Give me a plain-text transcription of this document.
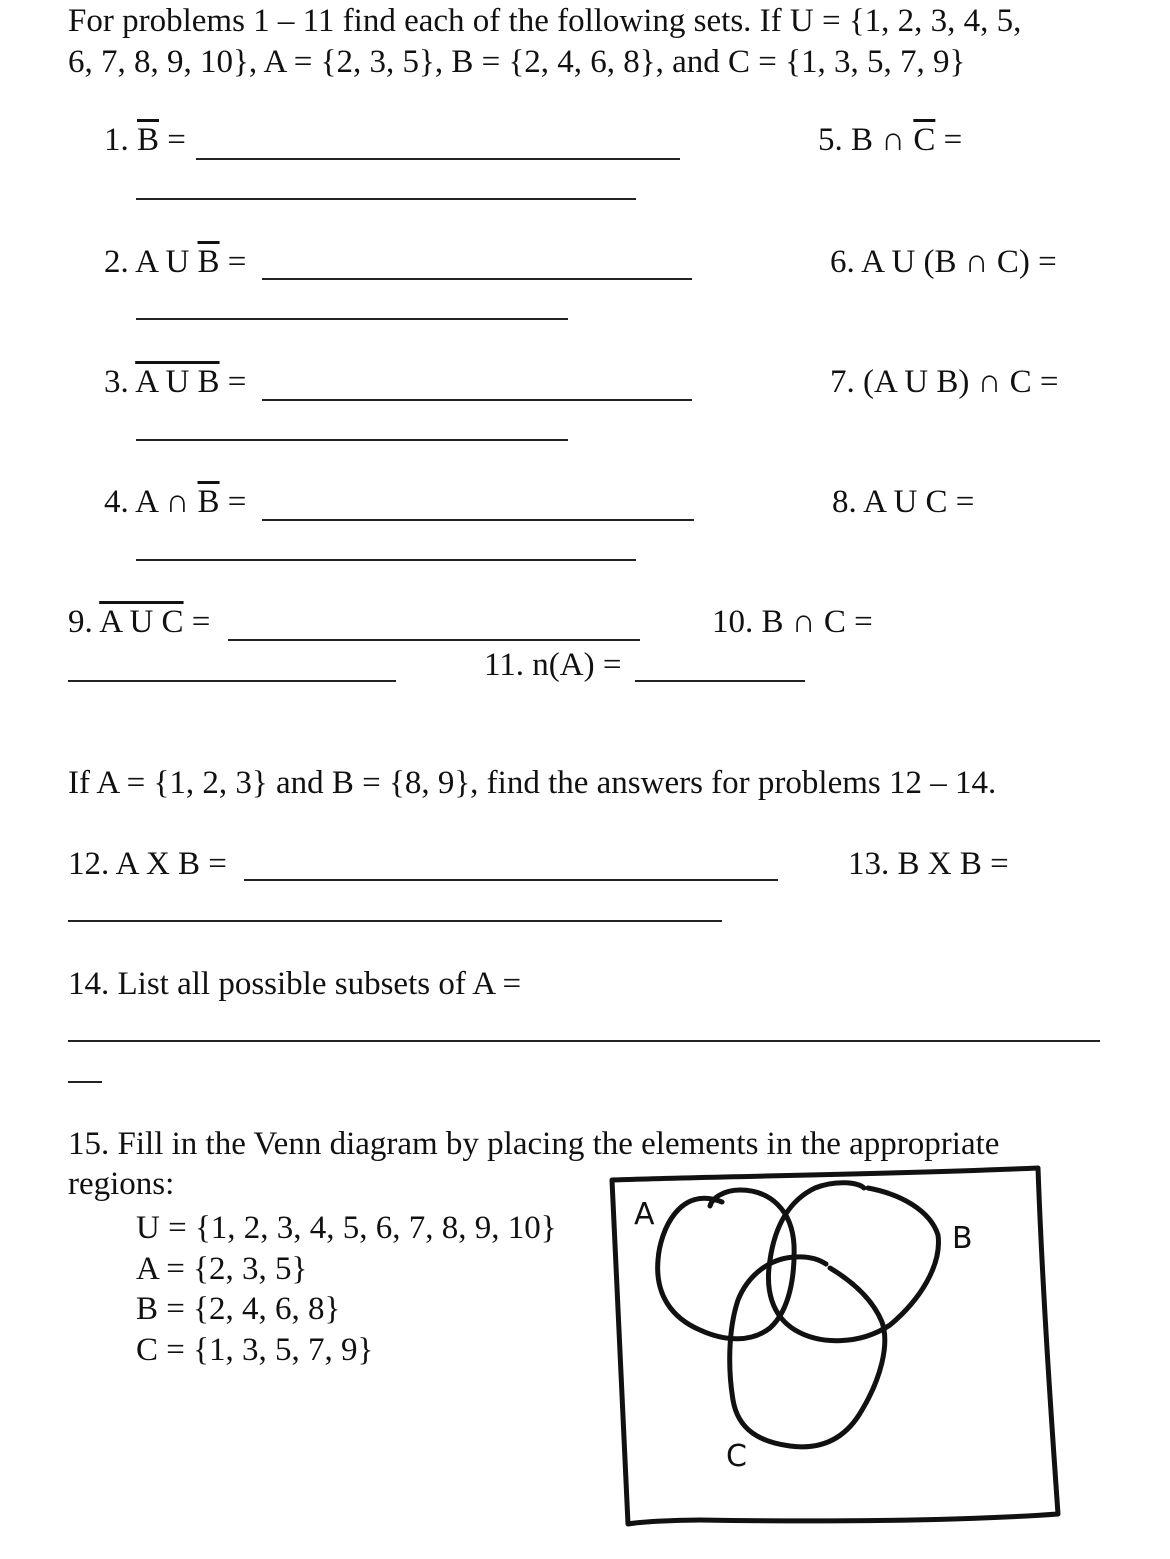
For problems 1 – 11 find each of the following sets. If U = {1, 2, 3, 4, 5,
6, 7, 8, 9, 10}, A = {2, 3, 5}, B = {2, 4, 6, 8}, and C = {1, 3, 5, 7, 9}
1. $\overline{B}$ =	5. B ∩ $\overline{C}$ =
2. A U $\overline{B}$ =	6. A U (B ∩ C) =
3. A U B =	7. (A U B) ∩ C =
4. A ∩ $\overline{B}$ =	8. A U C =
9. A U C =	10. B ∩ C =
11. n(A) =
If A = {1, 2, 3} and B = {8, 9}, find the answers for problems 12 – 14.
12. A X B =	13. B X B =
14. List all possible subsets of A =
15. Fill in the Venn diagram by placing the elements in the appropriate
regions:
U = {1, 2, 3, 4, 5, 6, 7, 8, 9, 10}
A = {2, 3, 5}
B = {2, 4, 6, 8}
C = {1, 3, 5, 7, 9}
A
B
C
